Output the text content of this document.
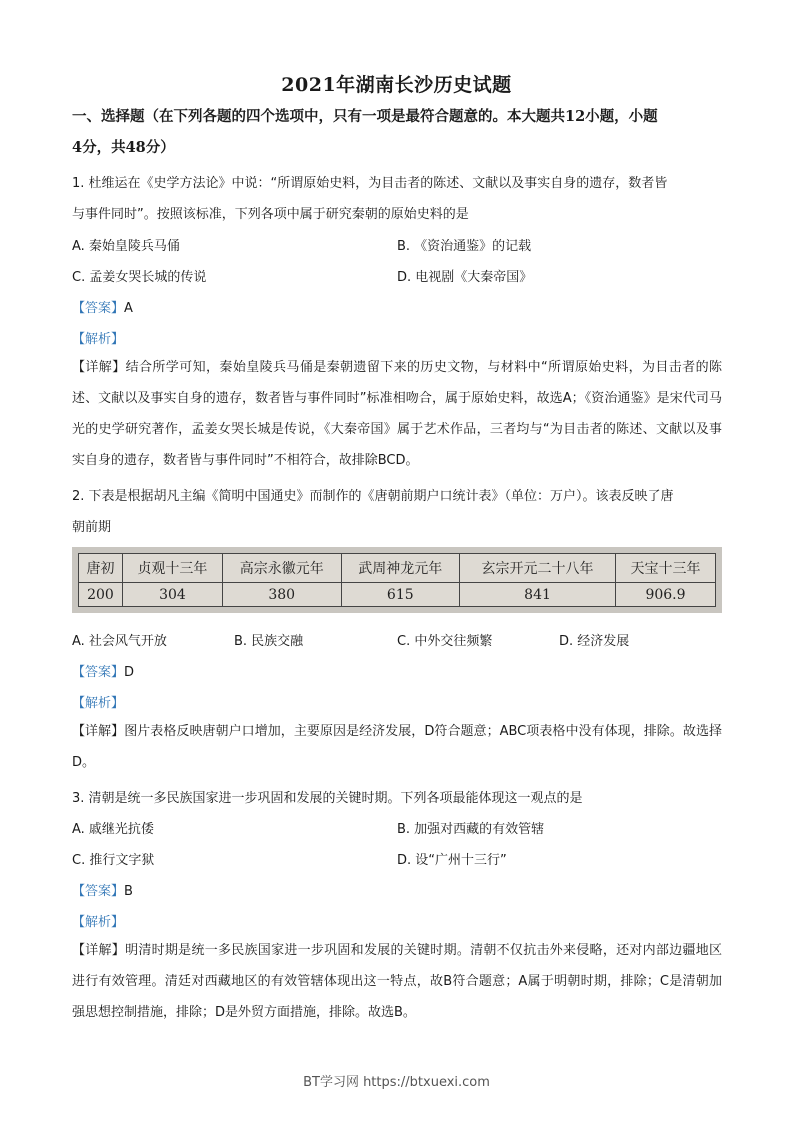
2021年湖南长沙历史试题
一、选择题（在下列各题的四个选项中，只有一项是最符合题意的。本大题共12小题，小题
4分，共48分）
1. 杜维运在《史学方法论》中说：“所谓原始史料，为目击者的陈述、文献以及事实自身的遗存，数者皆
与事件同时”。按照该标准，下列各项中属于研究秦朝的原始史料的是
A. 秦始皇陵兵马俑	B. 《资治通鉴》的记载
C. 孟姜女哭长城的传说	D. 电视剧《大秦帝国》
【答案】A
【解析】
【详解】结合所学可知，秦始皇陵兵马俑是秦朝遗留下来的历史文物，与材料中“所谓原始史料，为目击者的陈述、文献以及事实自身的遗存，数者皆与事件同时”标准相吻合，属于原始史料，故选A；《资治通鉴》是宋代司马光的史学研究著作，孟姜女哭长城是传说，《大秦帝国》属于艺术作品，三者均与“为目击者的陈述、文献以及事实自身的遗存，数者皆与事件同时”不相符合，故排除BCD。
2. 下表是根据胡凡主编《简明中国通史》而制作的《唐朝前期户口统计表》（单位：万户）。该表反映了唐
朝前期
唐初	贞观十三年	高宗永徽元年	武周神龙元年	玄宗开元二十八年	天宝十三年
200	304	380	615	841	906.9
A. 社会风气开放	B. 民族交融	C. 中外交往频繁	D. 经济发展
【答案】D
【解析】
【详解】图片表格反映唐朝户口增加，主要原因是经济发展，D符合题意；ABC项表格中没有体现，排除。故选择D。
3. 清朝是统一多民族国家进一步巩固和发展的关键时期。下列各项最能体现这一观点的是
A. 戚继光抗倭	B. 加强对西藏的有效管辖
C. 推行文字狱	D. 设“广州十三行”
【答案】B
【解析】
【详解】明清时期是统一多民族国家进一步巩固和发展的关键时期。清朝不仅抗击外来侵略，还对内部边疆地区进行有效管理。清廷对西藏地区的有效管辖体现出这一特点，故B符合题意；A属于明朝时期，排除；C是清朝加强思想控制措施，排除；D是外贸方面措施，排除。故选B。
BT学习网 https://btxuexi.com
